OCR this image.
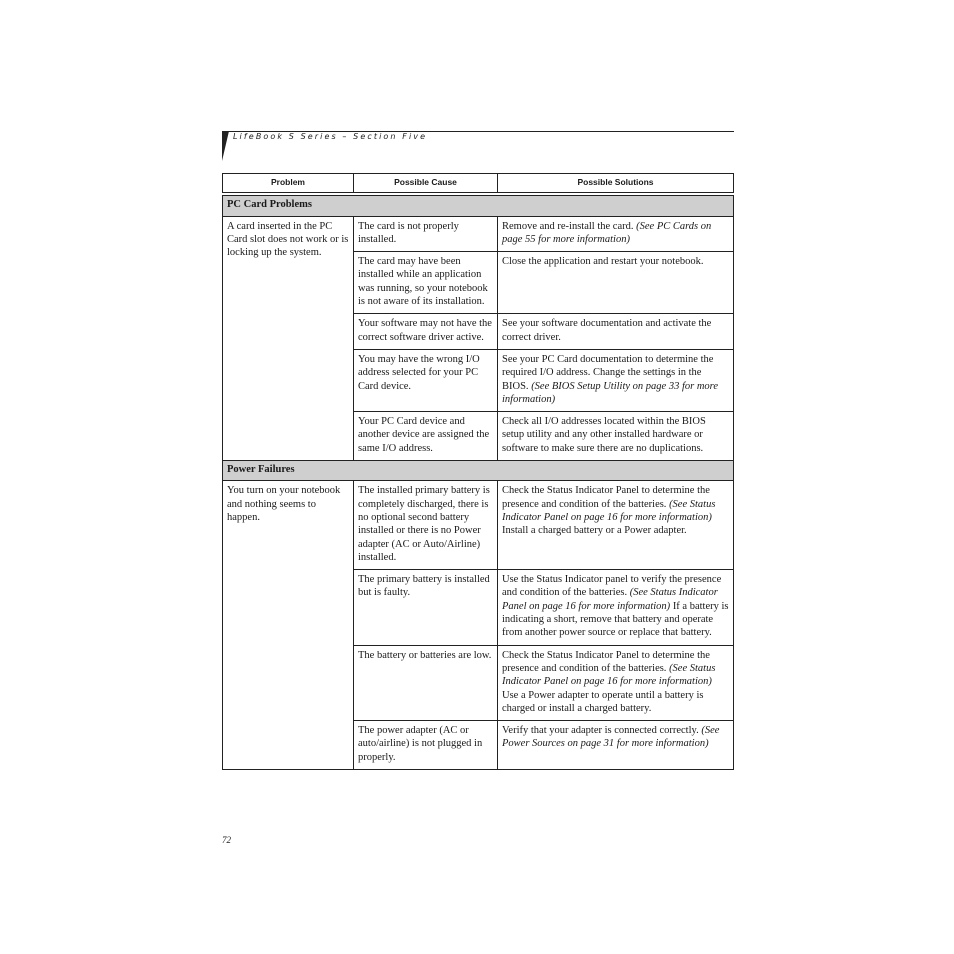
LifeBook S Series – Section Five
Problem	Possible Cause	Possible Solutions

PC Card Problems		
A card inserted in the PC Card slot does not work or is locking up the system.	The card is not properly installed.	Remove and re-install the card. (See PC Cards on page 55 for more information)
	The card may have been installed while an application was running, so your notebook is not aware of its installation.	Close the application and restart your notebook.
	Your software may not have the correct software driver active.	See your software documentation and activate the correct driver.
	You may have the wrong I/O address selected for your PC Card device.	See your PC Card documentation to determine the required I/O address. Change the settings in the BIOS. (See BIOS Setup Utility on page 33 for more information)
	Your PC Card device and another device are assigned the same I/O address.	Check all I/O addresses located within the BIOS setup utility and any other installed hardware or software to make sure there are no duplications.
Power Failures		
You turn on your notebook and nothing seems to happen.	The installed primary battery is completely discharged, there is no optional second battery installed or there is no Power adapter (AC or Auto/Airline) installed.	Check the Status Indicator Panel to determine the presence and condition of the batteries. (See Status Indicator Panel on page 16 for more information) Install a charged battery or a Power adapter.
	The primary battery is installed but is faulty.	Use the Status Indicator panel to verify the presence and condition of the batteries. (See Status Indicator Panel on page 16 for more information) If a battery is indicating a short, remove that battery and operate from another power source or replace that battery.
	The battery or batteries are low.	Check the Status Indicator Panel to determine the presence and condition of the batteries. (See Status Indicator Panel on page 16 for more information) Use a Power adapter to operate until a battery is charged or install a charged battery.
	The power adapter (AC or auto/airline) is not plugged in properly.	Verify that your adapter is connected correctly. (See Power Sources on page 31 for more information)
72
